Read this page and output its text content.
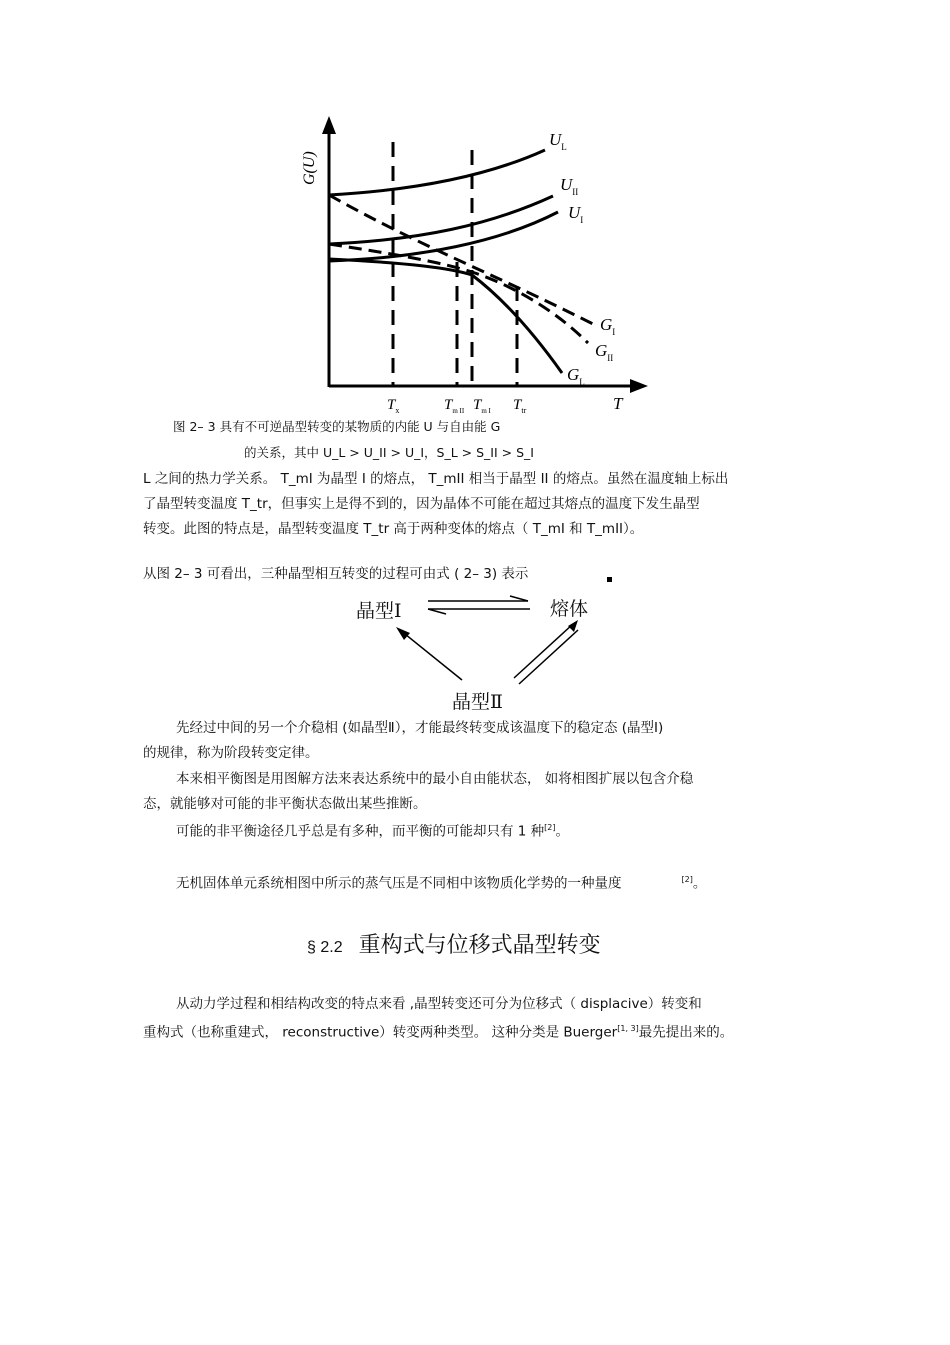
$U_L$
$U_{II}$
$U_I$
$G_I$
$G_{II}$
$G_L$
G(U)
T
$T_x$	$T_{m II}$ $T_{m I}$ $T_{tr}$
图 2– 3 具有不可逆晶型转变的某物质的内能 U 与自由能 G
的关系，其中 U_L > U_II > U_I，S_L > S_II > S_I
L 之间的热力学关系。 T_mI 为晶型 I 的熔点， T_mII 相当于晶型 II 的熔点。虽然在温度轴上标出
了晶型转变温度 T_tr，但事实上是得不到的，因为晶体不可能在超过其熔点的温度下发生晶型
转变。此图的特点是，晶型转变温度 T_tr 高于两种变体的熔点（ T_mI 和 T_mII）。
从图 2– 3 可看出，三种晶型相互转变的过程可由式 ( 2– 3) 表示
晶型Ⅰ	熔体
晶型Ⅱ
先经过中间的另一个介稳相 (如晶型Ⅱ），才能最终转变成该温度下的稳定态 (晶型Ⅰ)
的规律，称为阶段转变定律。
本来相平衡图是用图解方法来表达系统中的最小自由能状态， 如将相图扩展以包含介稳
态，就能够对可能的非平衡状态做出某些推断。
可能的非平衡途径几乎总是有多种，而平衡的可能却只有 1 种[2]。
无机固体单元系统相图中所示的蒸气压是不同相中该物质化学势的一种量度	[2]。
§ 2.2 重构式与位移式晶型转变
从动力学过程和相结构改变的特点来看 ,晶型转变还可分为位移式（ displacive）转变和
重构式（也称重建式， reconstructive）转变两种类型。 这种分类是 Buerger[1, 3]最先提出来的。
